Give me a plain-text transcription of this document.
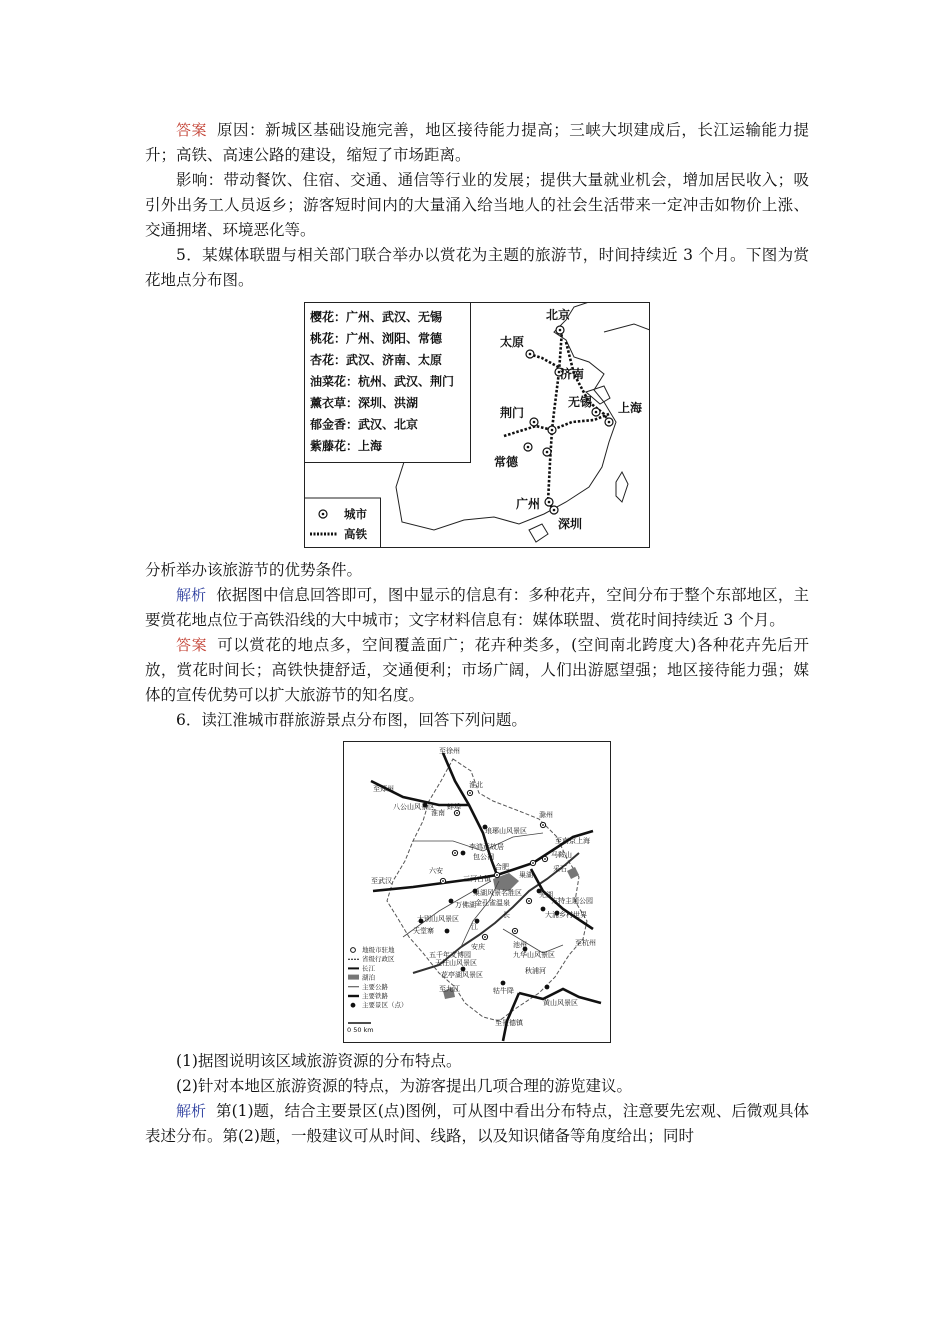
答案 原因：新城区基础设施完善，地区接待能力提高；三峡大坝建成后，长江运输能力提升；高铁、高速公路的建设，缩短了市场距离。

影响：带动餐饮、住宿、交通、通信等行业的发展；提供大量就业机会，增加居民收入；吸引外出务工人员返乡；游客短时间内的大量涌入给当地人的社会生活带来一定冲击如物价上涨、交通拥堵、环境恶化等。

5．某媒体联盟与相关部门联合举办以赏花为主题的旅游节，时间持续近 3 个月。下图为赏花地点分布图。

樱花：广州、武汉、无锡
桃花：广州、浏阳、常德
杏花：武汉、济南、太原
油菜花：杭州、武汉、荆门
薰衣草：深圳、洪湖
郁金香：武汉、北京
紫藤花：上海
城市
高铁
北京
太原
济南
荆门
无锡 上海
常德
广州
深圳

分析举办该旅游节的优势条件。

解析 依据图中信息回答即可，图中显示的信息有：多种花卉，空间分布于整个东部地区，主要赏花地点位于高铁沿线的大中城市；文字材料信息有：媒体联盟、赏花时间持续近 3 个月。

答案 可以赏花的地点多，空间覆盖面广；花卉种类多，(空间南北跨度大)各种花卉先后开放，赏花时间长；高铁快捷舒适，交通便利；市场广阔，人们出游愿望强；地区接待能力强；媒体的宣传优势可以扩大旅游节的知名度。

6．读江淮城市群旅游景点分布图，回答下列问题。

至徐州
淮北
至郑州
蚌埠
淮南
八公山风景区
琅琊山风景区
滁州
至南京上海
李鸿章故居
包公祠	马鞍山
合肥
至武汉
六安
三河古镇	巢湖
芜湖
采石
巢湖风景名胜区
万佛湖 金孔雀温泉	方特主题公园
大别山风景区
天堂寨
大浦乡村世界
长
江
至杭州
安庆
五千年文博园
天柱山风景区
池州
九华山风景区
花亭湖风景区	秋浦河
至九江	牯牛降
黄山风景区
至景德镇
地级市驻地
省级行政区
长江
湖泊
主要公路
主要铁路
主要景区（点）
0 50 km

(1)据图说明该区域旅游资源的分布特点。

(2)针对本地区旅游资源的特点，为游客提出几项合理的游览建议。

解析 第(1)题，结合主要景区(点)图例，可从图中看出分布特点，注意要先宏观、后微观具体表述分布。第(2)题，一般建议可从时间、线路，以及知识储备等角度给出；同时
